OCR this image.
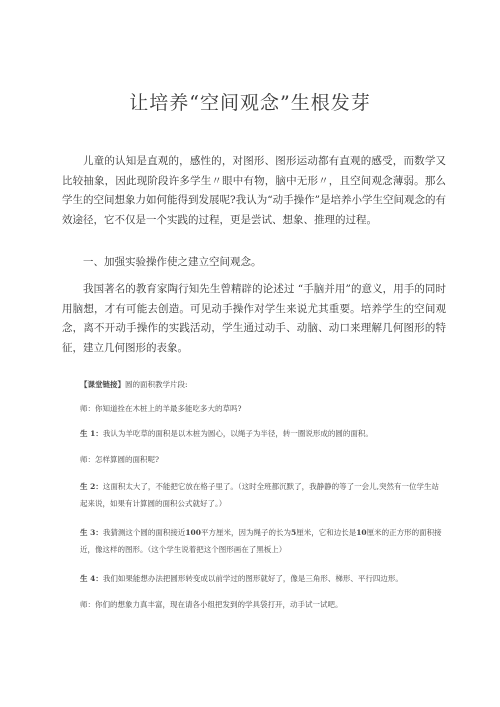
让培养“空间观念”生根发芽

儿童的认知是直观的，感性的，对图形、图形运动都有直观的感受，而数学又比较抽象，因此现阶段许多学生〃眼中有物，脑中无形〃，且空间观念薄弱。那么学生的空间想象力如何能得到发展呢?我认为“动手操作”是培养小学生空间观念的有效途径，它不仅是一个实践的过程，更是尝试、想象、推理的过程。

一、加强实验操作使之建立空间观念。

我国著名的教育家陶行知先生曾精辟的论述过 “手脑并用”的意义，用手的同时用脑想，才有可能去创造。可见动手操作对学生来说尤其重要。培养学生的空间观念，离不开动手操作的实践活动，学生通过动手、动脑、动口来理解几何图形的特征，建立几何图形的表象。

【课堂链接】圆的面积教学片段:

师：你知道拴在木桩上的羊最多能吃多大的草吗?

生 1：我认为羊吃草的面积是以木桩为圆心，以绳子为半径，转一圈说形成的圆的面积。

师：怎样算圆的面积呢?

生 2：这面积太大了，不能把它放在格子里了。（这时全班都沉默了，我静静的等了一会儿,突然有一位学生站起来说，如果有计算圆的面积公式就好了。）

生 3：我猜测这个圆的面积接近100平方厘米，因为绳子的长为5厘米，它和边长是10厘米的正方形的面积接近，像这样的图形。（这个学生说着把这个图形画在了黑板上）

生 4：我们如果能想办法把圆形转变成以前学过的图形就好了，像是三角形、梯形、平行四边形。

师：你们的想象力真丰富，现在请各小组把发到的学具袋打开，动手试一试吧。
